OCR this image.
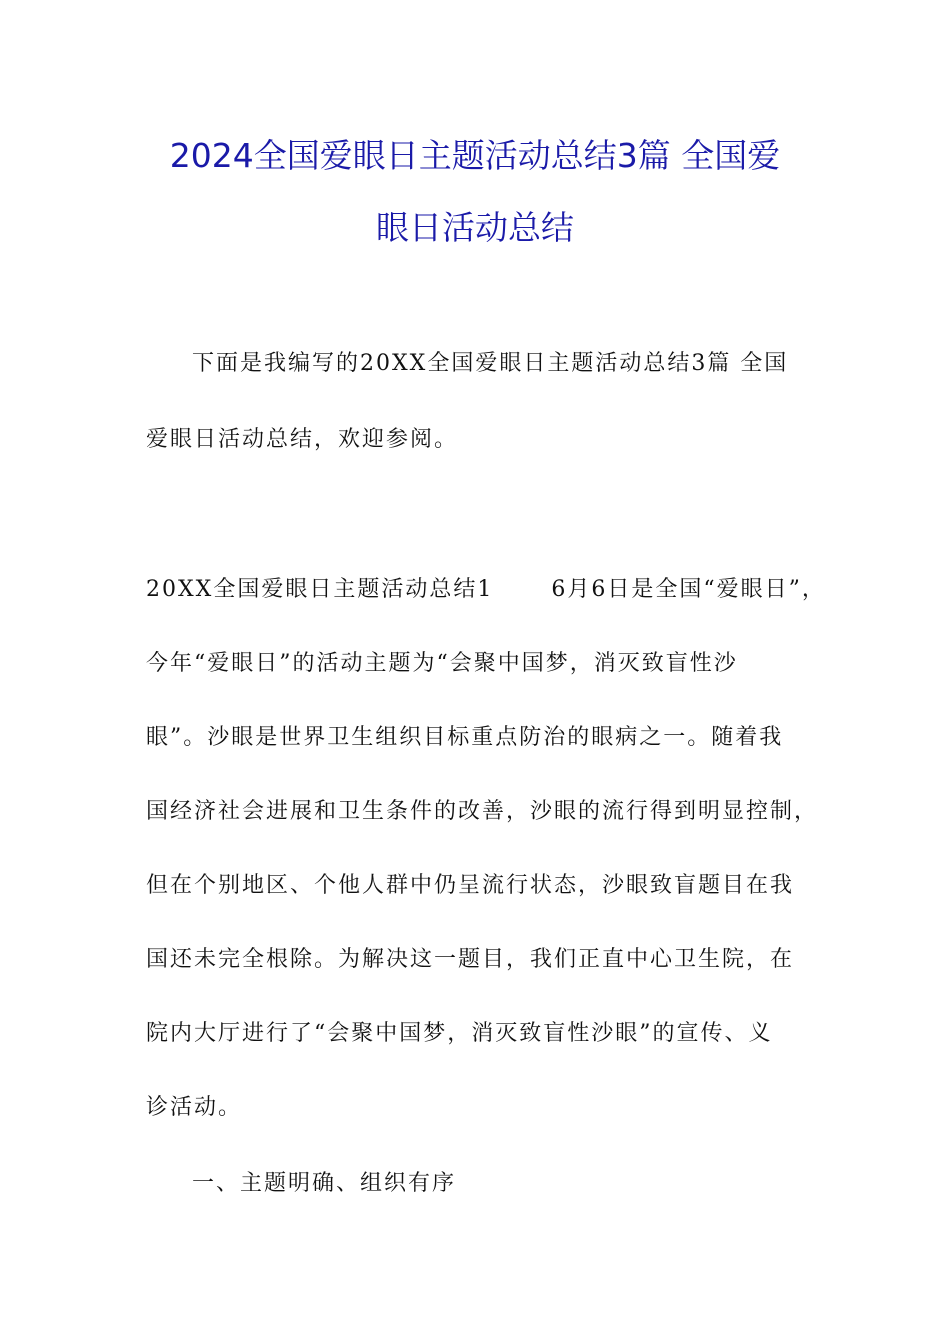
2024全国爱眼日主题活动总结3篇 全国爱
眼日活动总结
下面是我编写的20XX全国爱眼日主题活动总结3篇 全国
爱眼日活动总结，欢迎参阅。
20XX全国爱眼日主题活动总结1	6月6日是全国“爱眼日”，
今年“爱眼日”的活动主题为“会聚中国梦，消灭致盲性沙
眼”。沙眼是世界卫生组织目标重点防治的眼病之一。随着我
国经济社会进展和卫生条件的改善，沙眼的流行得到明显控制，
但在个别地区、个他人群中仍呈流行状态，沙眼致盲题目在我
国还未完全根除。为解决这一题目，我们正直中心卫生院，在
院内大厅进行了“会聚中国梦，消灭致盲性沙眼”的宣传、义
诊活动。
一、主题明确、组织有序
